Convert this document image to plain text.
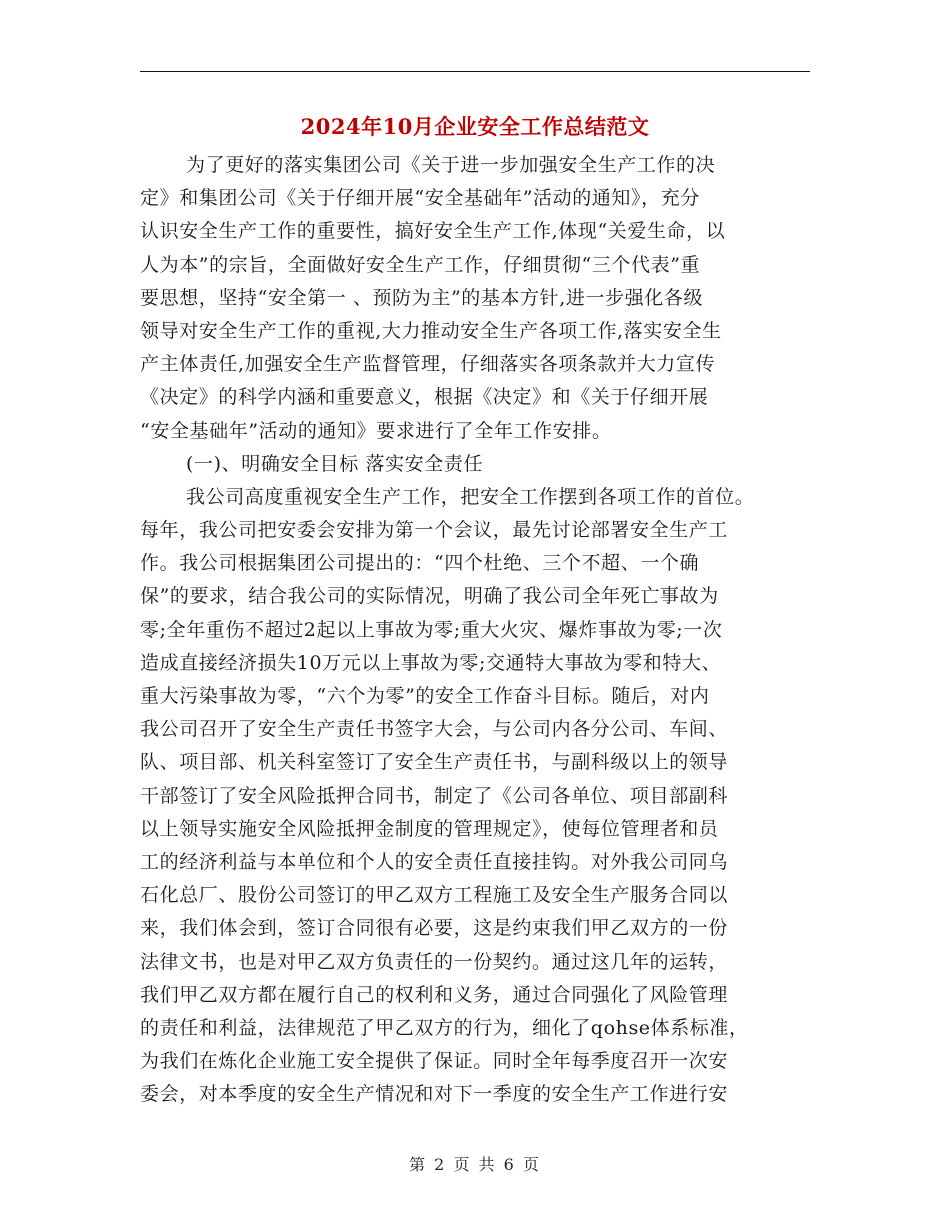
2024年10月企业安全工作总结范文
为了更好的落实集团公司《关于进一步加强安全生产工作的决
定》和集团公司《关于仔细开展“安全基础年”活动的通知》，充分
认识安全生产工作的重要性，搞好安全生产工作,体现“关爱生命，以
人为本”的宗旨，全面做好安全生产工作，仔细贯彻“三个代表”重
要思想，坚持“安全第一 、预防为主”的基本方针,进一步强化各级
领导对安全生产工作的重视,大力推动安全生产各项工作,落实安全生
产主体责任,加强安全生产监督管理，仔细落实各项条款并大力宣传
《决定》的科学内涵和重要意义，根据《决定》和《关于仔细开展
“安全基础年”活动的通知》要求进行了全年工作安排。
(一)、明确安全目标 落实安全责任
我公司高度重视安全生产工作，把安全工作摆到各项工作的首位。
每年，我公司把安委会安排为第一个会议，最先讨论部署安全生产工
作。我公司根据集团公司提出的：“四个杜绝、三个不超、一个确
保”的要求，结合我公司的实际情况，明确了我公司全年死亡事故为
零;全年重伤不超过2起以上事故为零;重大火灾、爆炸事故为零;一次
造成直接经济损失10万元以上事故为零;交通特大事故为零和特大、
重大污染事故为零，“六个为零”的安全工作奋斗目标。随后，对内
我公司召开了安全生产责任书签字大会，与公司内各分公司、车间、
队、项目部、机关科室签订了安全生产责任书，与副科级以上的领导
干部签订了安全风险抵押合同书，制定了《公司各单位、项目部副科
以上领导实施安全风险抵押金制度的管理规定》，使每位管理者和员
工的经济利益与本单位和个人的安全责任直接挂钩。对外我公司同乌
石化总厂、股份公司签订的甲乙双方工程施工及安全生产服务合同以
来，我们体会到，签订合同很有必要，这是约束我们甲乙双方的一份
法律文书，也是对甲乙双方负责任的一份契约。通过这几年的运转，
我们甲乙双方都在履行自己的权利和义务，通过合同强化了风险管理
的责任和利益，法律规范了甲乙双方的行为，细化了qohse体系标准，
为我们在炼化企业施工安全提供了保证。同时全年每季度召开一次安
委会，对本季度的安全生产情况和对下一季度的安全生产工作进行安
第 2 页 共 6 页
